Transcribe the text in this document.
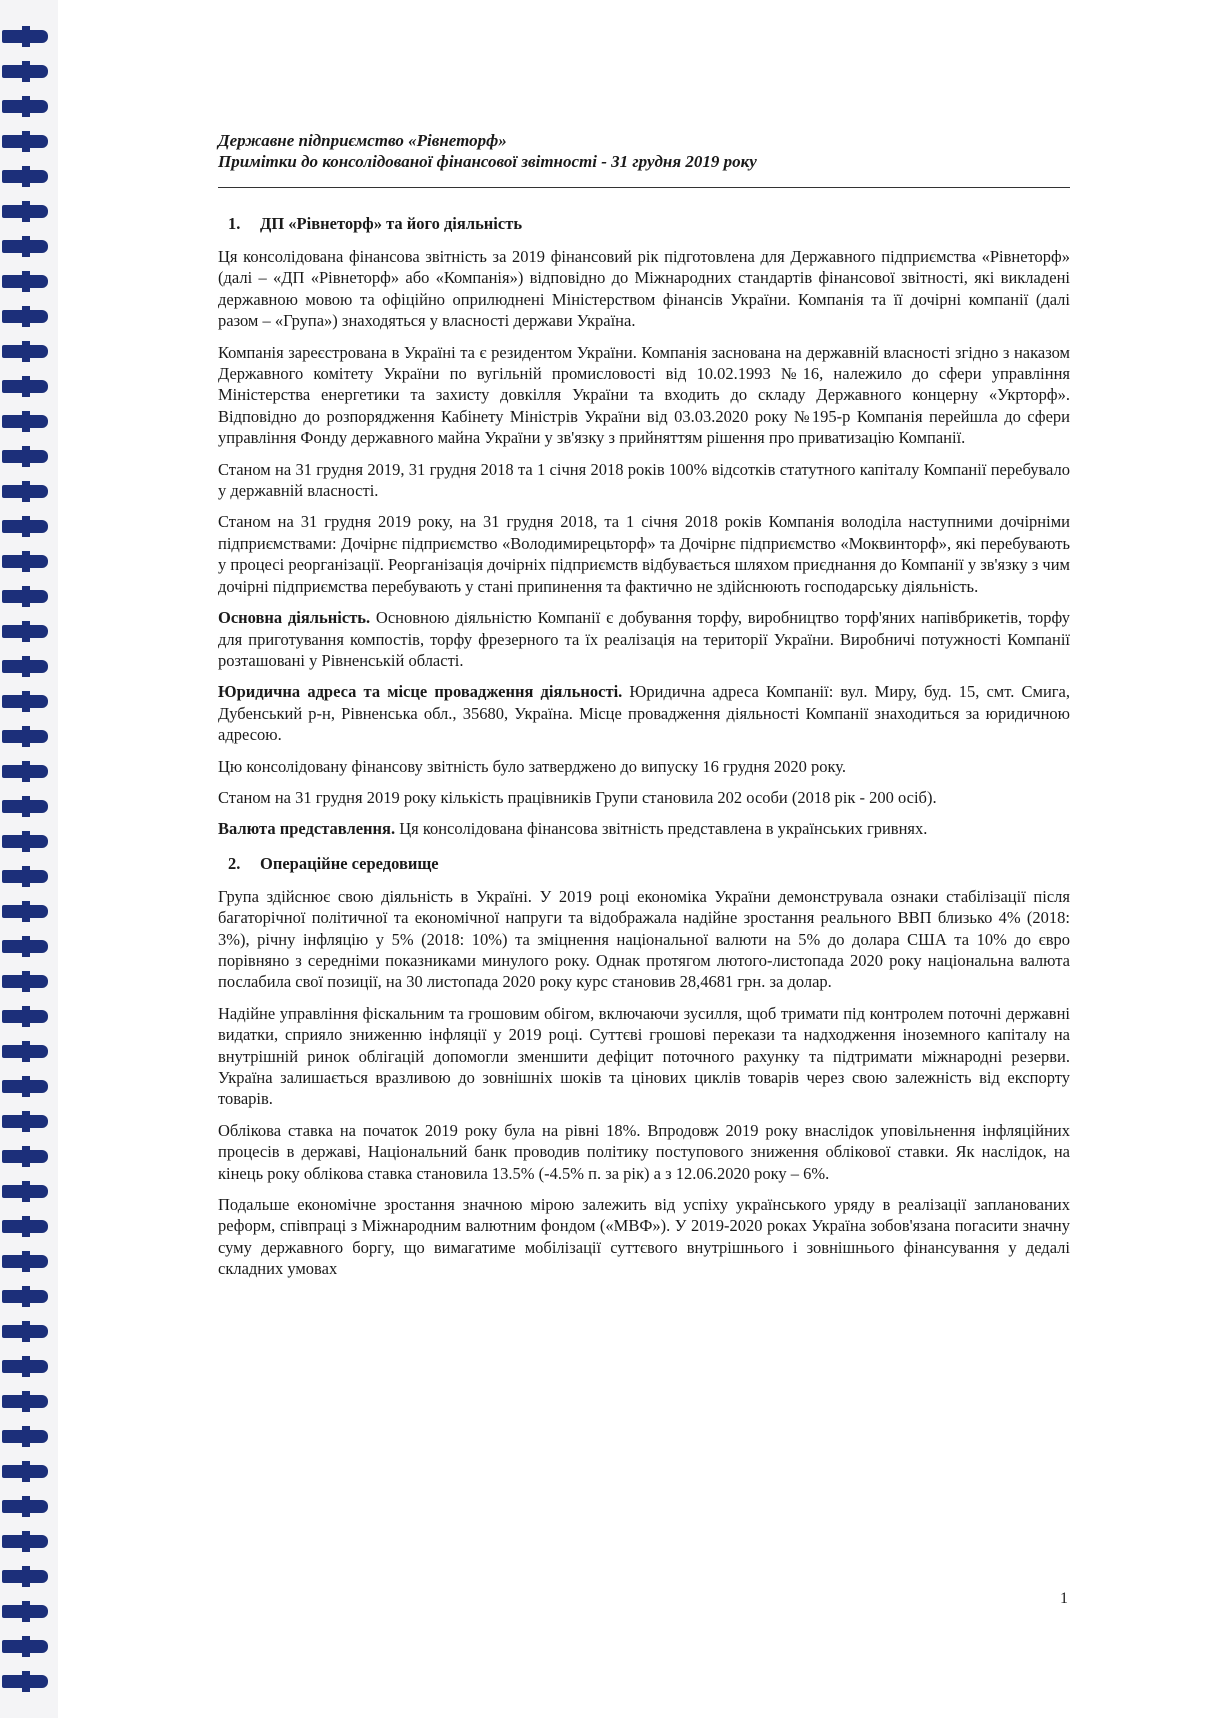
Державне підприємство «Рівнеторф»
Примітки до консолідованої фінансової звітності - 31 грудня 2019 року
1. ДП «Рівнеторф» та його діяльність

Ця консолідована фінансова звітність за 2019 фінансовий рік підготовлена для Державного підприємства «Рівнеторф» (далі – «ДП «Рівнеторф» або «Компанія») відповідно до Міжнародних стандартів фінансової звітності, які викладені державною мовою та офіційно оприлюднені Міністерством фінансів України. Компанія та її дочірні компанії (далі разом – «Група») знаходяться у власності держави Україна.

Компанія зареєстрована в Україні та є резидентом України. Компанія заснована на державній власності згідно з наказом Державного комітету України по вугільній промисловості від 10.02.1993 №16, належило до сфери управління Міністерства енергетики та захисту довкілля України та входить до складу Державного концерну «Укрторф». Відповідно до розпорядження Кабінету Міністрів України від 03.03.2020 року №195-р Компанія перейшла до сфери управління Фонду державного майна України у зв'язку з прийняттям рішення про приватизацію Компанії.

Станом на 31 грудня 2019, 31 грудня 2018 та 1 січня 2018 років 100% відсотків статутного капіталу Компанії перебувало у державній власності.

Станом на 31 грудня 2019 року, на 31 грудня 2018, та 1 січня 2018 років Компанія володіла наступними дочірніми підприємствами: Дочірнє підприємство «Володимирецьторф» та Дочірнє підприємство «Моквинторф», які перебувають у процесі реорганізації. Реорганізація дочірніх підприємств відбувається шляхом приєднання до Компанії у зв'язку з чим дочірні підприємства перебувають у стані припинення та фактично не здійснюють господарську діяльність.

Основна діяльність. Основною діяльністю Компанії є добування торфу, виробництво торф'яних напівбрикетів, торфу для приготування компостів, торфу фрезерного та їх реалізація на території України. Виробничі потужності Компанії розташовані у Рівненській області.

Юридична адреса та місце провадження діяльності. Юридична адреса Компанії: вул. Миру, буд. 15, смт. Смига, Дубенський р-н, Рівненська обл., 35680, Україна. Місце провадження діяльності Компанії знаходиться за юридичною адресою.

Цю консолідовану фінансову звітність було затверджено до випуску 16 грудня 2020 року.

Станом на 31 грудня 2019 року кількість працівників Групи становила 202 особи (2018 рік - 200 осіб).

Валюта представлення. Ця консолідована фінансова звітність представлена в українських гривнях.

2. Операційне середовище

Група здійснює свою діяльність в Україні. У 2019 році економіка України демонструвала ознаки стабілізації після багаторічної політичної та економічної напруги та відображала надійне зростання реального ВВП близько 4% (2018: 3%), річну інфляцію у 5% (2018: 10%) та зміцнення національної валюти на 5% до долара США та 10% до євро порівняно з середніми показниками минулого року. Однак протягом лютого-листопада 2020 року національна валюта послабила свої позиції, на 30 листопада 2020 року курс становив 28,4681 грн. за долар.

Надійне управління фіскальним та грошовим обігом, включаючи зусилля, щоб тримати під контролем поточні державні видатки, сприяло зниженню інфляції у 2019 році. Суттєві грошові перекази та надходження іноземного капіталу на внутрішній ринок облігацій допомогли зменшити дефіцит поточного рахунку та підтримати міжнародні резерви. Україна залишається вразливою до зовнішніх шоків та цінових циклів товарів через свою залежність від експорту товарів.

Облікова ставка на початок 2019 року була на рівні 18%. Впродовж 2019 року внаслідок уповільнення інфляційних процесів в державі, Національний банк проводив політику поступового зниження облікової ставки. Як наслідок, на кінець року облікова ставка становила 13.5% (-4.5% п. за рік) а з 12.06.2020 року – 6%.

Подальше економічне зростання значною мірою залежить від успіху українського уряду в реалізації запланованих реформ, співпраці з Міжнародним валютним фондом («МВФ»). У 2019-2020 роках Україна зобов'язана погасити значну суму державного боргу, що вимагатиме мобілізації суттєвого внутрішнього і зовнішнього фінансування у дедалі складних умовах

1
